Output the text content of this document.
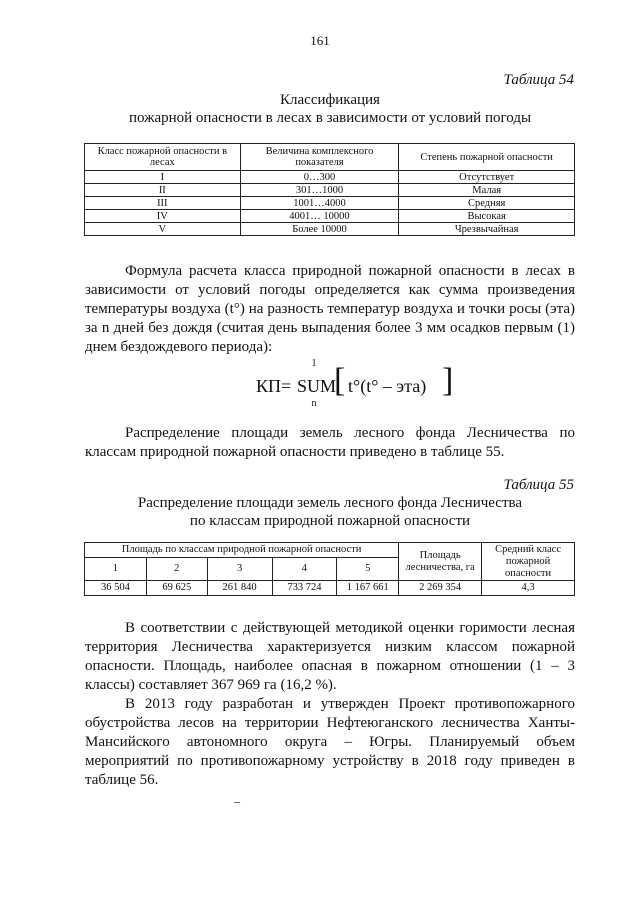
161
Таблица 54
Классификация
пожарной опасности в лесах в зависимости от условий погоды
Класс пожарной опасности в лесах	Величина комплексного показателя	Степень пожарной опасности
I	0…300	Отсутствует
II	301…1000	Малая
III	1001…4000	Средняя
IV	4001… 10000	Высокая
V	Более 10000	Чрезвычайная

Формула расчета класса природной пожарной опасности в лесах в зависимости от условий погоды определяется как сумма произведения температуры воздуха (t°) на разность температур воздуха и точки росы (эта) за n дней без дождя (считая день выпадения более 3 мм осадков первым (1) днем бездождевого периода):

КП=
1
SUM
n
[ t°(t° – эта) ]

Распределение площади земель лесного фонда Лесничества по классам природной пожарной опасности приведено в таблице 55.

Таблица 55
Распределение площади земель лесного фонда Лесничества
по классам природной пожарной опасности
Площадь по классам природной пожарной опасности					Площадь лесничества, га	Средний класс пожарной опасности
1	2	3	4	5		
36 504	69 625	261 840	733 724	1 167 661	2 269 354	4,3

В соответствии с действующей методикой оценки горимости лесная территория Лесничества характеризуется низким классом пожарной опасности. Площадь, наиболее опасная в пожарном отношении (1 – 3 классы) составляет 367 969 га (16,2 %).

В 2013 году разработан и утвержден Проект противопожарного обустройства лесов на территории Нефтеюганского лесничества Ханты-Мансийского автономного округа – Югры. Планируемый объем мероприятий по противопожарному устройству в 2018 году приведен в таблице 56.

–
